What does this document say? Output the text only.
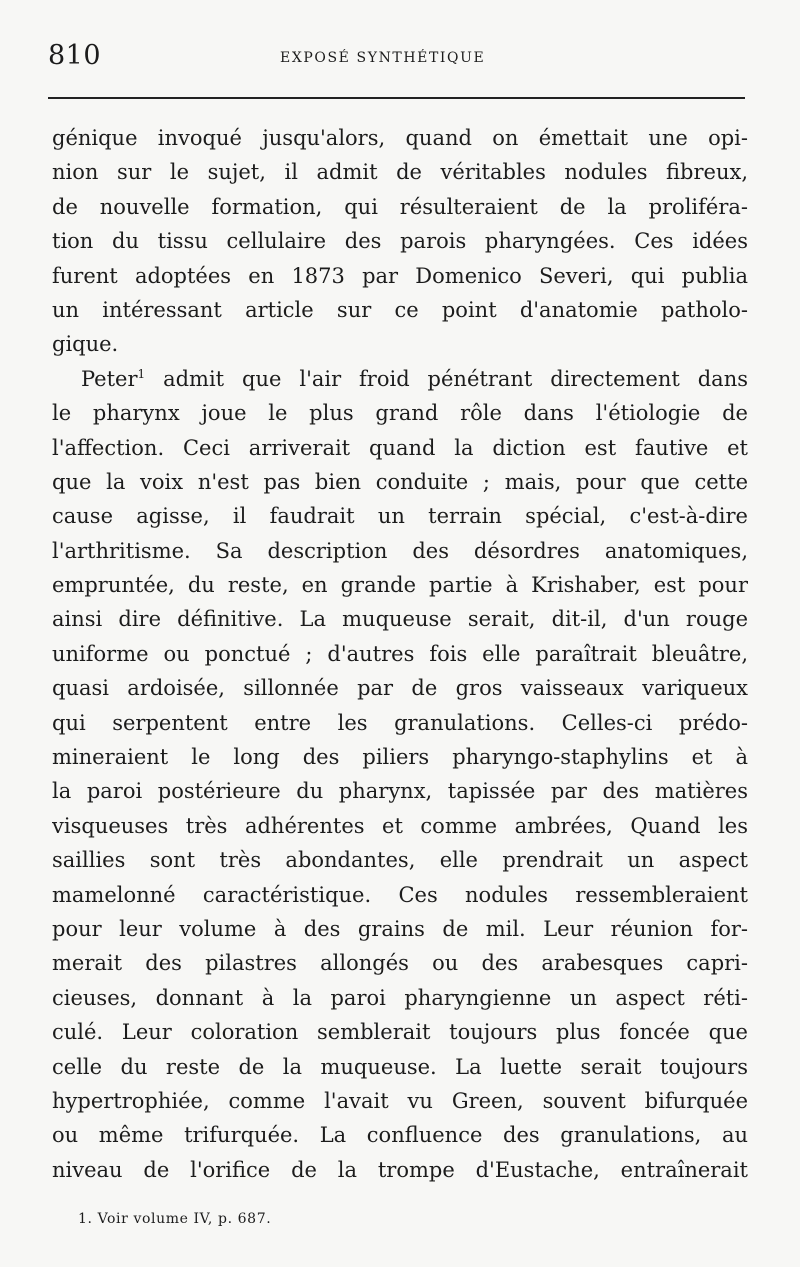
810	EXPOSÉ SYNTHÉTIQUE
génique invoqué jusqu'alors, quand on émettait une opi-
nion sur le sujet, il admit de véritables nodules fibreux,
de nouvelle formation, qui résulteraient de la proliféra-
tion du tissu cellulaire des parois pharyngées. Ces idées
furent adoptées en 1873 par Domenico Severi, qui publia
un intéressant article sur ce point d'anatomie patholo-
gique.
Peter$^1$ admit que l'air froid pénétrant directement dans
le pharynx joue le plus grand rôle dans l'étiologie de
l'affection. Ceci arriverait quand la diction est fautive et
que la voix n'est pas bien conduite ; mais, pour que cette
cause agisse, il faudrait un terrain spécial, c'est-à-dire
l'arthritisme. Sa description des désordres anatomiques,
empruntée, du reste, en grande partie à Krishaber, est pour
ainsi dire définitive. La muqueuse serait, dit-il, d'un rouge
uniforme ou ponctué ; d'autres fois elle paraîtrait bleuâtre,
quasi ardoisée, sillonnée par de gros vaisseaux variqueux
qui serpentent entre les granulations. Celles-ci prédo-
mineraient le long des piliers pharyngo-staphylins et à
la paroi postérieure du pharynx, tapissée par des matières
visqueuses très adhérentes et comme ambrées, Quand les
saillies sont très abondantes, elle prendrait un aspect
mamelonné caractéristique. Ces nodules ressembleraient
pour leur volume à des grains de mil. Leur réunion for-
merait des pilastres allongés ou des arabesques capri-
cieuses, donnant à la paroi pharyngienne un aspect réti-
culé. Leur coloration semblerait toujours plus foncée que
celle du reste de la muqueuse. La luette serait toujours
hypertrophiée, comme l'avait vu Green, souvent bifurquée
ou même trifurquée. La confluence des granulations, au
niveau de l'orifice de la trompe d'Eustache, entraînerait
1. Voir volume IV, p. 687.
